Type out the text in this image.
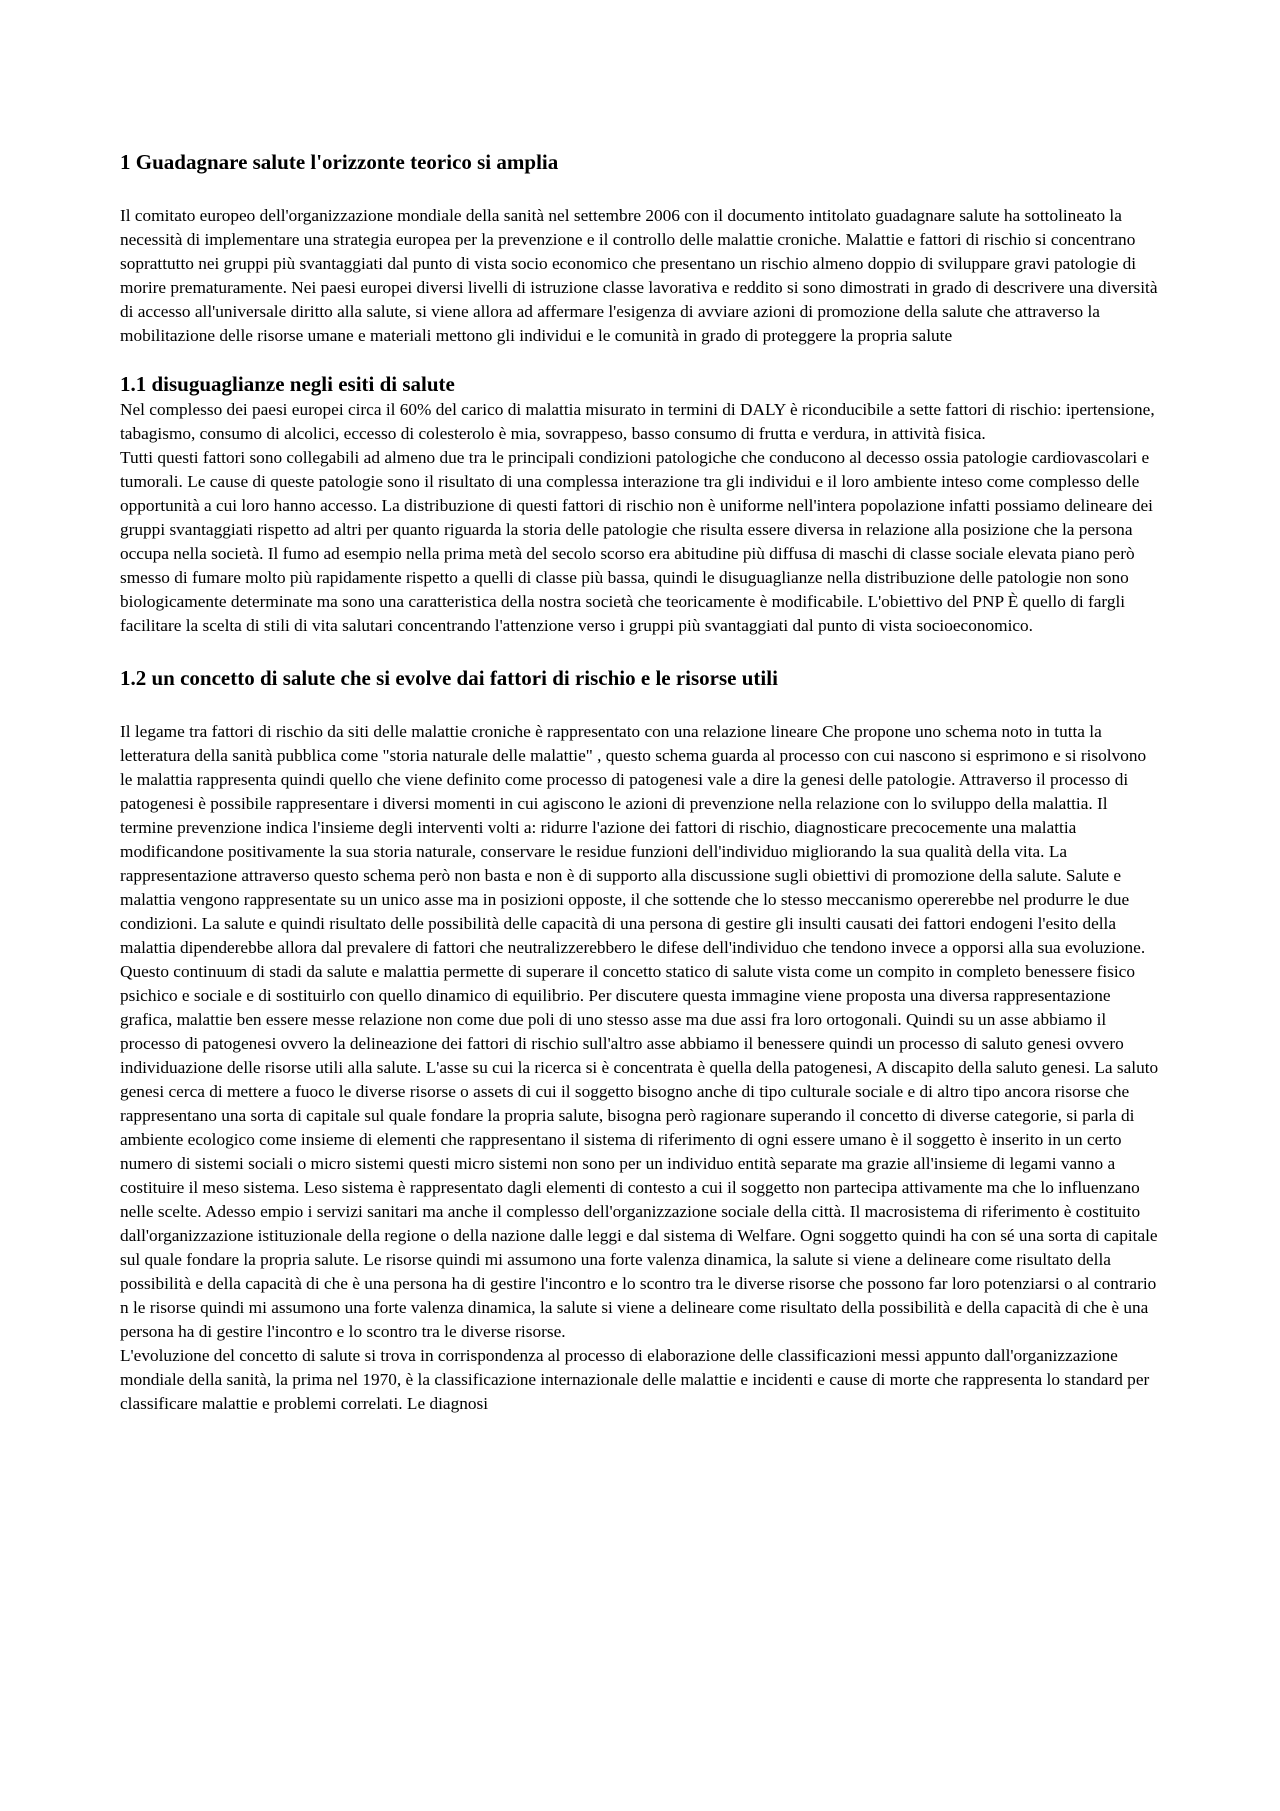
1 Guadagnare salute l'orizzonte teorico si amplia

Il comitato europeo dell'organizzazione mondiale della sanità nel settembre 2006 con il documento intitolato guadagnare salute ha sottolineato la necessità di implementare una strategia europea per la prevenzione e il controllo delle malattie croniche. Malattie e fattori di rischio si concentrano soprattutto nei gruppi più svantaggiati dal punto di vista socio economico che presentano un rischio almeno doppio di sviluppare gravi patologie di morire prematuramente. Nei paesi europei diversi livelli di istruzione classe lavorativa e reddito si sono dimostrati in grado di descrivere una diversità di accesso all'universale diritto alla salute, si viene allora ad affermare l'esigenza di avviare azioni di promozione della salute che attraverso la mobilitazione delle risorse umane e materiali mettono gli individui e le comunità in grado di proteggere la propria salute

1.1 disuguaglianze negli esiti di salute

Nel complesso dei paesi europei circa il 60% del carico di malattia misurato in termini di DALY è riconducibile a sette fattori di rischio: ipertensione, tabagismo, consumo di alcolici, eccesso di colesterolo è mia, sovrappeso, basso consumo di frutta e verdura, in attività fisica.

Tutti questi fattori sono collegabili ad almeno due tra le principali condizioni patologiche che conducono al decesso ossia patologie cardiovascolari e tumorali. Le cause di queste patologie sono il risultato di una complessa interazione tra gli individui e il loro ambiente inteso come complesso delle opportunità a cui loro hanno accesso. La distribuzione di questi fattori di rischio non è uniforme nell'intera popolazione infatti possiamo delineare dei gruppi svantaggiati rispetto ad altri per quanto riguarda la storia delle patologie che risulta essere diversa in relazione alla posizione che la persona occupa nella società. Il fumo ad esempio nella prima metà del secolo scorso era abitudine più diffusa di maschi di classe sociale elevata piano però smesso di fumare molto più rapidamente rispetto a quelli di classe più bassa, quindi le disuguaglianze nella distribuzione delle patologie non sono biologicamente determinate ma sono una caratteristica della nostra società che teoricamente è modificabile. L'obiettivo del PNP È quello di fargli facilitare la scelta di stili di vita salutari concentrando l'attenzione verso i gruppi più svantaggiati dal punto di vista socioeconomico.

1.2 un concetto di salute che si evolve dai fattori di rischio e le risorse utili

Il legame tra fattori di rischio da siti delle malattie croniche è rappresentato con una relazione lineare Che propone uno schema noto in tutta la letteratura della sanità pubblica come "storia naturale delle malattie" , questo schema guarda al processo con cui nascono si esprimono e si risolvono le malattia rappresenta quindi quello che viene definito come processo di patogenesi vale a dire la genesi delle patologie. Attraverso il processo di patogenesi è possibile rappresentare i diversi momenti in cui agiscono le azioni di prevenzione nella relazione con lo sviluppo della malattia. Il termine prevenzione indica l'insieme degli interventi volti a: ridurre l'azione dei fattori di rischio, diagnosticare precocemente una malattia modificandone positivamente la sua storia naturale, conservare le residue funzioni dell'individuo migliorando la sua qualità della vita. La rappresentazione attraverso questo schema però non basta e non è di supporto alla discussione sugli obiettivi di promozione della salute. Salute e malattia vengono rappresentate su un unico asse ma in posizioni opposte, il che sottende che lo stesso meccanismo opererebbe nel produrre le due condizioni. La salute e quindi risultato delle possibilità delle capacità di una persona di gestire gli insulti causati dei fattori endogeni l'esito della malattia dipenderebbe allora dal prevalere di fattori che neutralizzerebbero le difese dell'individuo che tendono invece a opporsi alla sua evoluzione. Questo continuum di stadi da salute e malattia permette di superare il concetto statico di salute vista come un compito in completo benessere fisico psichico e sociale e di sostituirlo con quello dinamico di equilibrio. Per discutere questa immagine viene proposta una diversa rappresentazione grafica, malattie ben essere messe relazione non come due poli di uno stesso asse ma due assi fra loro ortogonali. Quindi su un asse abbiamo il processo di patogenesi ovvero la delineazione dei fattori di rischio sull'altro asse abbiamo il benessere quindi un processo di saluto genesi ovvero individuazione delle risorse utili alla salute. L'asse su cui la ricerca si è concentrata è quella della patogenesi, A discapito della saluto genesi. La saluto genesi cerca di mettere a fuoco le diverse risorse o assets di cui il soggetto bisogno anche di tipo culturale sociale e di altro tipo ancora risorse che rappresentano una sorta di capitale sul quale fondare la propria salute, bisogna però ragionare superando il concetto di diverse categorie, si parla di ambiente ecologico come insieme di elementi che rappresentano il sistema di riferimento di ogni essere umano è il soggetto è inserito in un certo numero di sistemi sociali o micro sistemi questi micro sistemi non sono per un individuo entità separate ma grazie all'insieme di legami vanno a costituire il meso sistema. Leso sistema è rappresentato dagli elementi di contesto a cui il soggetto non partecipa attivamente ma che lo influenzano nelle scelte. Adesso empio i servizi sanitari ma anche il complesso dell'organizzazione sociale della città. Il macrosistema di riferimento è costituito dall'organizzazione istituzionale della regione o della nazione dalle leggi e dal sistema di Welfare. Ogni soggetto quindi ha con sé una sorta di capitale sul quale fondare la propria salute. Le risorse quindi mi assumono una forte valenza dinamica, la salute si viene a delineare come risultato della possibilità e della capacità di che è una persona ha di gestire l'incontro e lo scontro tra le diverse risorse che possono far loro potenziarsi o al contrario n le risorse quindi mi assumono una forte valenza dinamica, la salute si viene a delineare come risultato della possibilità e della capacità di che è una persona ha di gestire l'incontro e lo scontro tra le diverse risorse.

L'evoluzione del concetto di salute si trova in corrispondenza al processo di elaborazione delle classificazioni messi appunto dall'organizzazione mondiale della sanità, la prima nel 1970, è la classificazione internazionale delle malattie e incidenti e cause di morte che rappresenta lo standard per classificare malattie e problemi correlati. Le diagnosi
